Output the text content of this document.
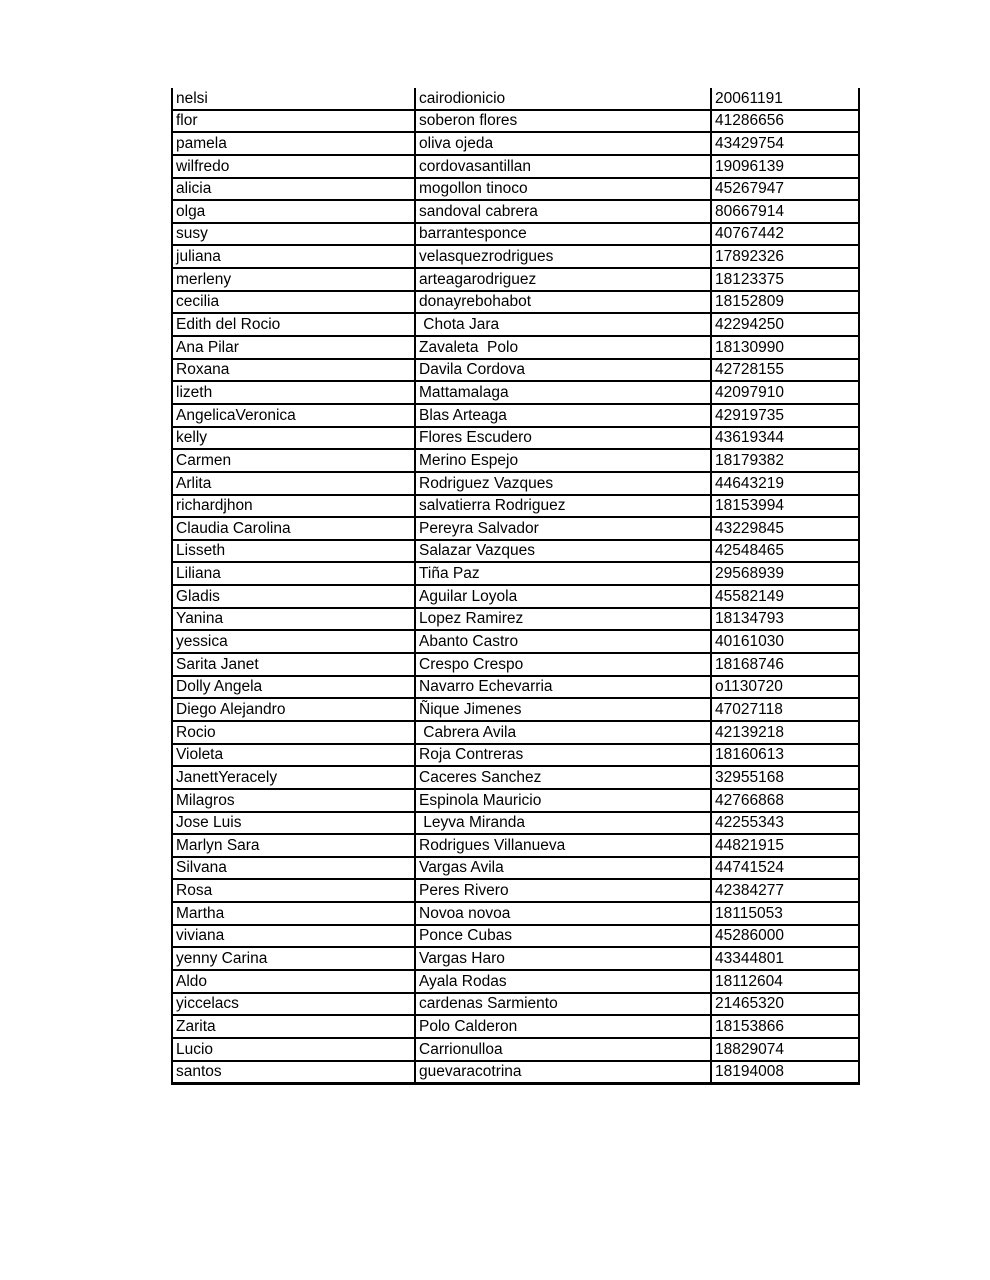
nelsi	cairodionicio	20061191
flor	soberon flores	41286656
pamela	oliva ojeda	43429754
wilfredo	cordovasantillan	19096139
alicia	mogollon tinoco	45267947
olga	sandoval cabrera	80667914
susy	barrantesponce	40767442
juliana	velasquezrodrigues	17892326
merleny	arteagarodriguez	18123375
cecilia	donayrebohabot	18152809
Edith del Rocio	Chota Jara	42294250
Ana Pilar	Zavaleta  Polo	18130990
Roxana	Davila Cordova	42728155
lizeth	Mattamalaga	42097910
AngelicaVeronica	Blas Arteaga	42919735
kelly	Flores Escudero	43619344
Carmen	Merino Espejo	18179382
Arlita	Rodriguez Vazques	44643219
richardjhon	salvatierra Rodriguez	18153994
Claudia Carolina	Pereyra Salvador	43229845
Lisseth	Salazar Vazques	42548465
Liliana	Tiña Paz	29568939
Gladis	Aguilar Loyola	45582149
Yanina	Lopez Ramirez	18134793
yessica	Abanto Castro	40161030
Sarita Janet	Crespo Crespo	18168746
Dolly Angela	Navarro Echevarria	o1130720
Diego Alejandro	Ñique Jimenes	47027118
Rocio	Cabrera Avila	42139218
Violeta	Roja Contreras	18160613
JanettYeracely	Caceres Sanchez	32955168
Milagros	Espinola Mauricio	42766868
Jose Luis	Leyva Miranda	42255343
Marlyn Sara	Rodrigues Villanueva	44821915
Silvana	Vargas Avila	44741524
Rosa	Peres Rivero	42384277
Martha	Novoa novoa	18115053
viviana	Ponce Cubas	45286000
yenny Carina	Vargas Haro	43344801
Aldo	Ayala Rodas	18112604
yiccelacs	cardenas Sarmiento	21465320
Zarita	Polo Calderon	18153866
Lucio	Carrionulloa	18829074
santos	guevaracotrina	18194008
